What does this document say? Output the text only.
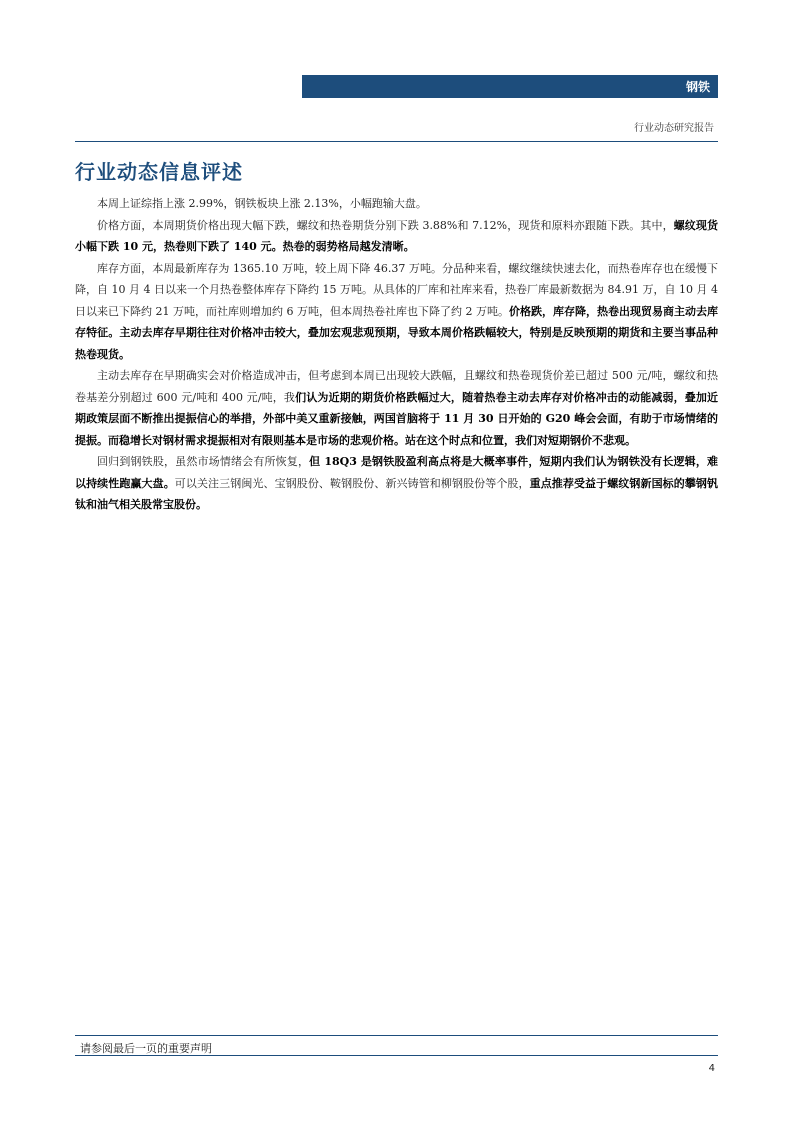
钢铁
行业动态研究报告
行业动态信息评述

本周上证综指上涨 2.99%，钢铁板块上涨 2.13%，小幅跑输大盘。

价格方面，本周期货价格出现大幅下跌，螺纹和热卷期货分别下跌 3.88%和 7.12%，现货和原料亦跟随下跌。其中，螺纹现货小幅下跌 10 元，热卷则下跌了 140 元。热卷的弱势格局越发清晰。

库存方面，本周最新库存为 1365.10 万吨，较上周下降 46.37 万吨。分品种来看，螺纹继续快速去化，而热卷库存也在缓慢下降，自 10 月 4 日以来一个月热卷整体库存下降约 15 万吨。从具体的厂库和社库来看，热卷厂库最新数据为 84.91 万，自 10 月 4 日以来已下降约 21 万吨，而社库则增加约 6 万吨，但本周热卷社库也下降了约 2 万吨。价格跌，库存降，热卷出现贸易商主动去库存特征。主动去库存早期往往对价格冲击较大，叠加宏观悲观预期，导致本周价格跌幅较大，特别是反映预期的期货和主要当事品种热卷现货。

主动去库存在早期确实会对价格造成冲击，但考虑到本周已出现较大跌幅，且螺纹和热卷现货价差已超过 500 元/吨，螺纹和热卷基差分别超过 600 元/吨和 400 元/吨，我们认为近期的期货价格跌幅过大，随着热卷主动去库存对价格冲击的动能减弱，叠加近期政策层面不断推出提振信心的举措，外部中美又重新接触，两国首脑将于 11 月 30 日开始的 G20 峰会会面，有助于市场情绪的提振。而稳增长对钢材需求提振相对有限则基本是市场的悲观价格。站在这个时点和位置，我们对短期钢价不悲观。

回归到钢铁股，虽然市场情绪会有所恢复，但 18Q3 是钢铁股盈利高点将是大概率事件，短期内我们认为钢铁没有长逻辑，难以持续性跑赢大盘。可以关注三钢闽光、宝钢股份、鞍钢股份、新兴铸管和柳钢股份等个股，重点推荐受益于螺纹钢新国标的攀钢钒钛和油气相关股常宝股份。

请参阅最后一页的重要声明
4
